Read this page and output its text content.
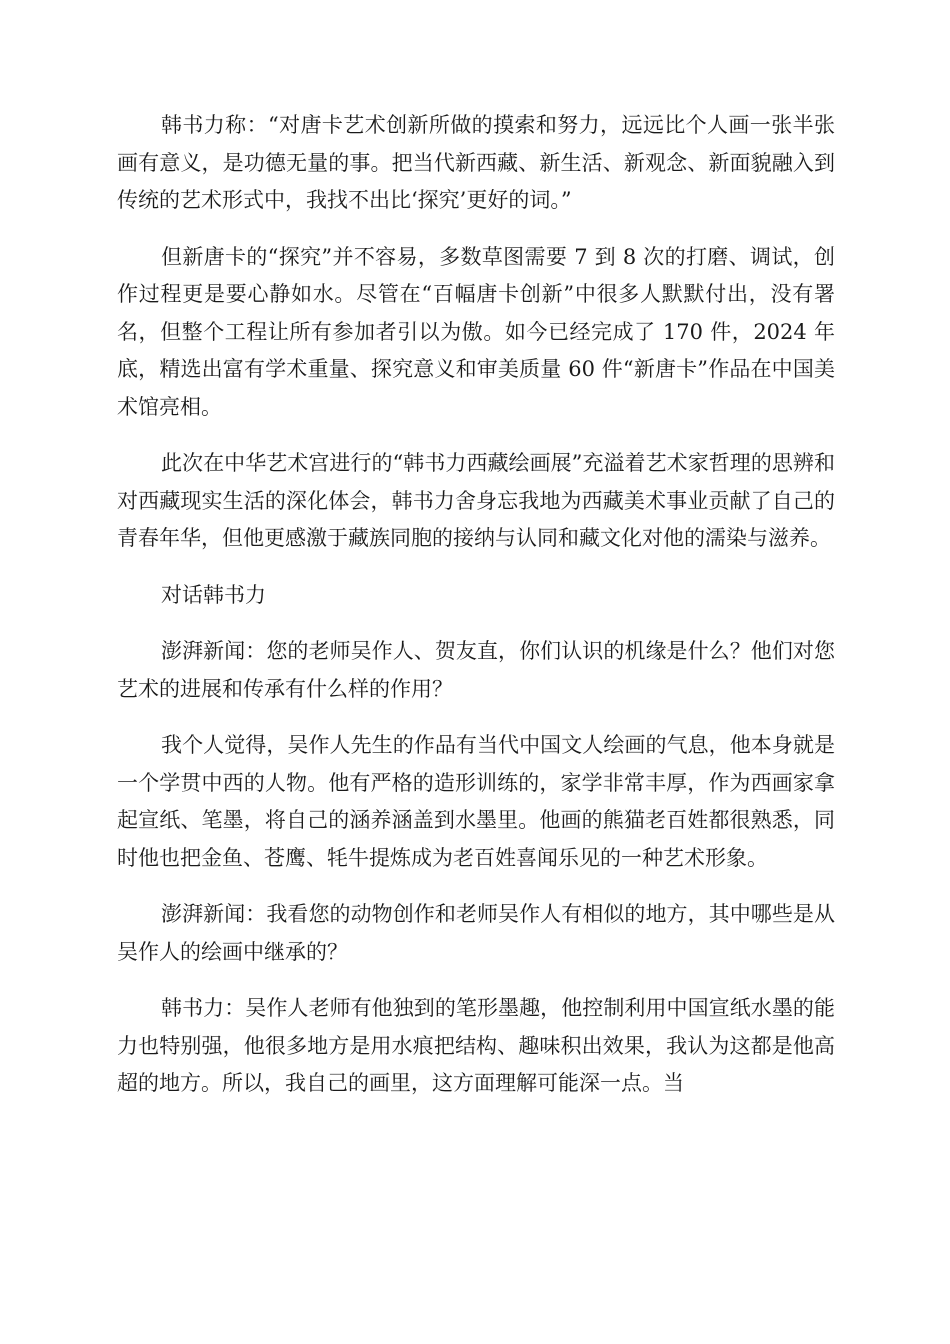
韩书力称：“对唐卡艺术创新所做的摸索和努力，远远比个人画一张半张画有意义，是功德无量的事。把当代新西藏、新生活、新观念、新面貌融入到传统的艺术形式中，我找不出比‘探究’更好的词。”

但新唐卡的“探究”并不容易，多数草图需要 7 到 8 次的打磨、调试，创作过程更是要心静如水。尽管在“百幅唐卡创新”中很多人默默付出，没有署名，但整个工程让所有参加者引以为傲。如今已经完成了 170 件，2024 年底，精选出富有学术重量、探究意义和审美质量 60 件“新唐卡”作品在中国美术馆亮相。

此次在中华艺术宫进行的“韩书力西藏绘画展”充溢着艺术家哲理的思辨和对西藏现实生活的深化体会，韩书力舍身忘我地为西藏美术事业贡献了自己的青春年华，但他更感激于藏族同胞的接纳与认同和藏文化对他的濡染与滋养。

对话韩书力

澎湃新闻：您的老师吴作人、贺友直，你们认识的机缘是什么？他们对您艺术的进展和传承有什么样的作用？

我个人觉得，吴作人先生的作品有当代中国文人绘画的气息，他本身就是一个学贯中西的人物。他有严格的造形训练的，家学非常丰厚，作为西画家拿起宣纸、笔墨，将自己的涵养涵盖到水墨里。他画的熊猫老百姓都很熟悉，同时他也把金鱼、苍鹰、牦牛提炼成为老百姓喜闻乐见的一种艺术形象。

澎湃新闻：我看您的动物创作和老师吴作人有相似的地方，其中哪些是从吴作人的绘画中继承的？

韩书力：吴作人老师有他独到的笔形墨趣，他控制利用中国宣纸水墨的能力也特别强，他很多地方是用水痕把结构、趣味积出效果，我认为这都是他高超的地方。所以，我自己的画里，这方面理解可能深一点。当
